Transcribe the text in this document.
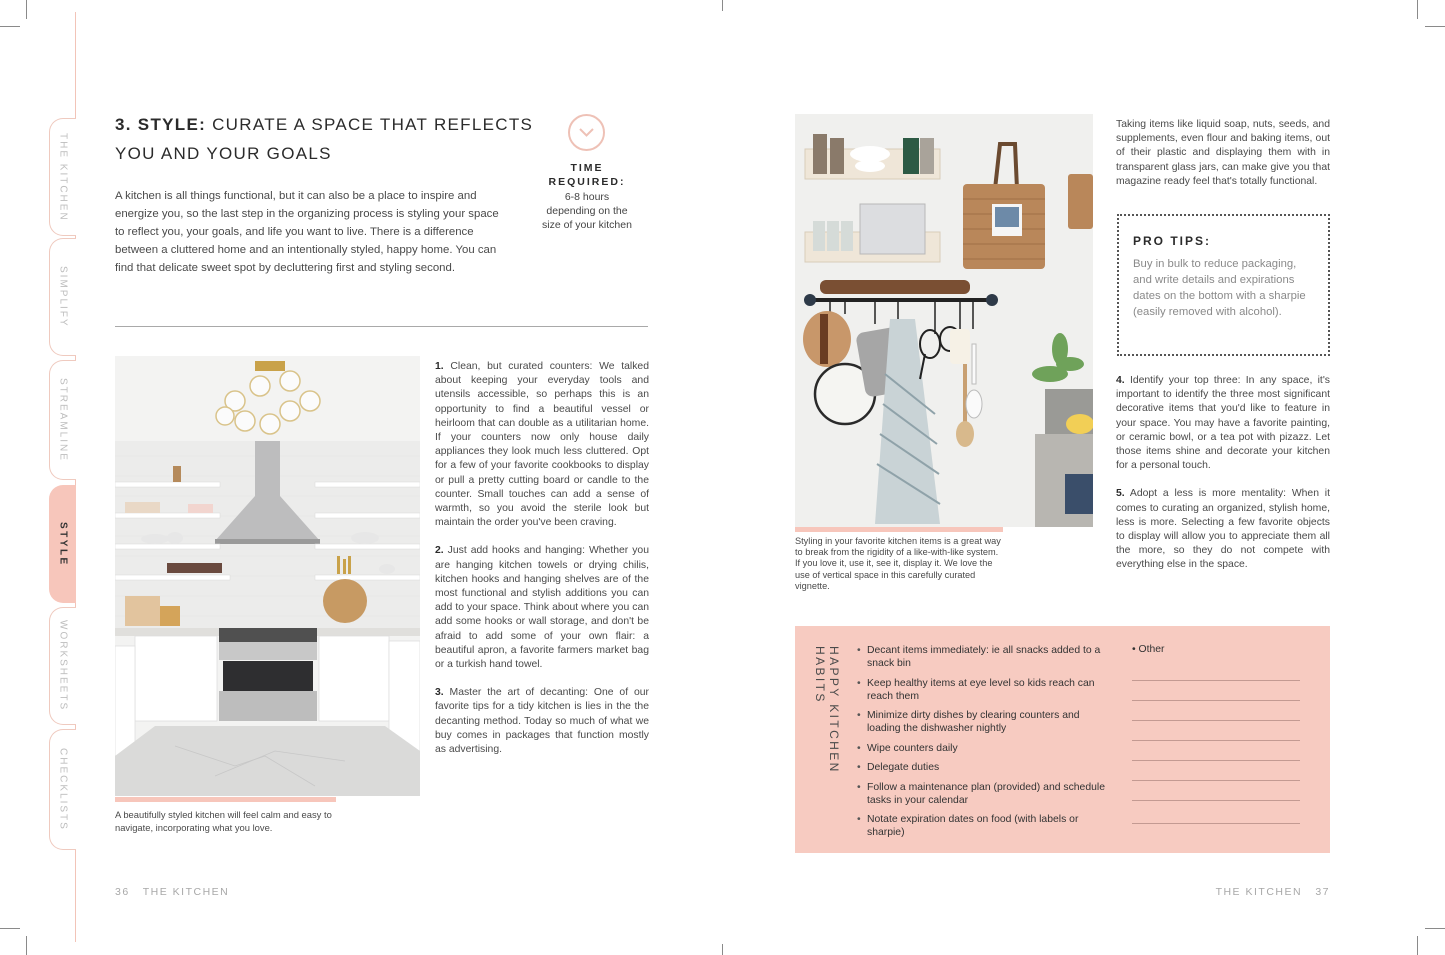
THE KITCHEN
SIMPLIFY
STREAMLINE
STYLE
WORKSHEETS
CHECKLISTS
3. STYLE: CURATE A SPACE THAT REFLECTS YOU AND YOUR GOALS
A kitchen is all things functional, but it can also be a place to inspire and energize you, so the last step in the organizing process is styling your space to reflect you, your goals, and life you want to live. There is a difference between a cluttered home and an intentionally styled, happy home. You can find that delicate sweet spot by decluttering first and styling second.
TIME
REQUIRED:
6-8 hours depending on the size of your kitchen
A beautifully styled kitchen will feel calm and easy to navigate, incorporating what you love.

1. Clean, but curated counters: We talked about keeping your everyday tools and utensils accessible, so perhaps this is an opportunity to find a beautiful vessel or heirloom that can double as a utilitarian home. If your counters now only house daily appliances they look much less cluttered. Opt for a few of your favorite cookbooks to display or pull a pretty cutting board or candle to the counter. Small touches can add a sense of warmth, so you avoid the sterile look but maintain the order you've been craving.

2. Just add hooks and hanging: Whether you are hanging kitchen towels or drying chilis, kitchen hooks and hanging shelves are of the most functional and stylish additions you can add to your space. Think about where you can add some hooks or wall storage, and don't be afraid to add some of your own flair: a beautiful apron, a favorite farmers market bag or a turkish hand towel.

3. Master the art of decanting: One of our favorite tips for a tidy kitchen is lies in the the decanting method. Today so much of what we buy comes in packages that function mostly as advertising.

36   THE KITCHEN
Styling in your favorite kitchen items is a great way to break from the rigidity of a like-with-like system. If you love it, use it, see it, display it. We love the use of vertical space in this carefully curated vignette.
Taking items like liquid soap, nuts, seeds, and supplements, even flour and baking items, out of their plastic and displaying them with in transparent glass jars, can make give you that magazine ready feel that's totally functional.
PRO TIPS:

Buy in bulk to reduce packaging, and write details and expirations dates on the bottom with a sharpie (easily removed with alcohol).

4. Identify your top three: In any space, it's important to identify the three most significant decorative items that you'd like to feature in your space. You may have a favorite painting, or ceramic bowl, or a tea pot with pizazz. Let those items shine and decorate your kitchen for a personal touch.

5. Adopt a less is more mentality: When it comes to curating an organized, stylish home, less is more. Selecting a few favorite objects to display will allow you to appreciate them all the more, so they do not compete with everything else in the space.

HAPPY KITCHEN HABITS	• Decant items immediately: ie all snacks added to a snack bin
• Keep healthy items at eye level so kids reach can reach them
• Minimize dirty dishes by clearing counters and loading the dishwasher nightly
• Wipe counters daily
• Delegate duties
• Follow a maintenance plan (provided) and schedule tasks in your calendar
• Notate expiration dates on food (with labels or sharpie)
• Other
THE KITCHEN   37
